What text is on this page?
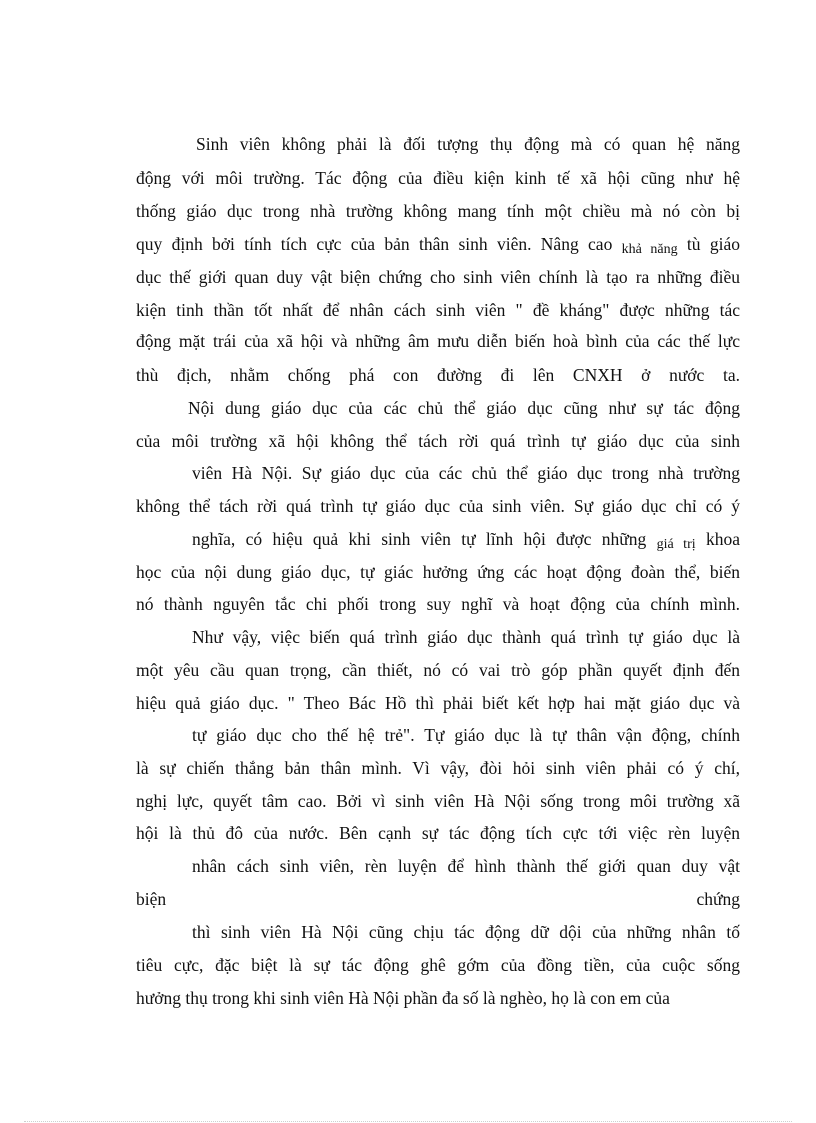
Sinh viên không phải là đối tượng thụ động mà có quan hệ năng
động với môi trường. Tác động của điều kiện kinh tế xã hội cũng như hệ
thống giáo dục trong nhà trường không mang tính một chiều mà nó còn bị
quy định bởi tính tích cực của bản thân sinh viên. Nâng cao khả năng tù giáo
dục thế giới quan duy vật biện chứng cho sinh viên chính là tạo ra những điều
kiện tinh thần tốt nhất để nhân cách sinh viên " đề kháng" được những tác
động mặt trái của xã hội và những âm mưu diễn biến hoà bình của các thế lực
thù địch, nhằm chống phá con đường đi lên CNXH ở nước ta.
Nội dung giáo dục của các chủ thể giáo dục cũng như sự tác động
của môi trường xã hội không thể tách rời quá trình tự giáo dục của sinh
viên Hà Nội. Sự giáo dục của các chủ thể giáo dục trong nhà trường
không thể tách rời quá trình tự giáo dục của sinh viên. Sự giáo dục chỉ có ý
nghĩa, có hiệu quả khi sinh viên tự lĩnh hội được những giá trị khoa
học của nội dung giáo dục, tự giác hưởng ứng các hoạt động đoàn thể, biến
nó thành nguyên tắc chi phối trong suy nghĩ và hoạt động của chính mình.
Như vậy, việc biến quá trình giáo dục thành quá trình tự giáo dục là
một yêu cầu quan trọng, cần thiết, nó có vai trò góp phần quyết định đến
hiệu quả giáo dục. " Theo Bác Hồ thì phải biết kết hợp hai mặt giáo dục và
tự giáo dục cho thế hệ trẻ". Tự giáo dục là tự thân vận động, chính
là sự chiến thắng bản thân mình. Vì vậy, đòi hỏi sinh viên phải có ý chí,
nghị lực, quyết tâm cao. Bởi vì sinh viên Hà Nội sống trong môi trường xã
hội là thủ đô của nước. Bên cạnh sự tác động tích cực tới việc rèn luyện
nhân cách sinh viên, rèn luyện để hình thành thế giới quan duy vật
biện	chứng
thì sinh viên Hà Nội cũng chịu tác động dữ dội của những nhân tố
tiêu cực, đặc biệt là sự tác động ghê gớm của đồng tiền, của cuộc sống
hưởng thụ trong khi sinh viên Hà Nội phần đa số là nghèo, họ là con em của
